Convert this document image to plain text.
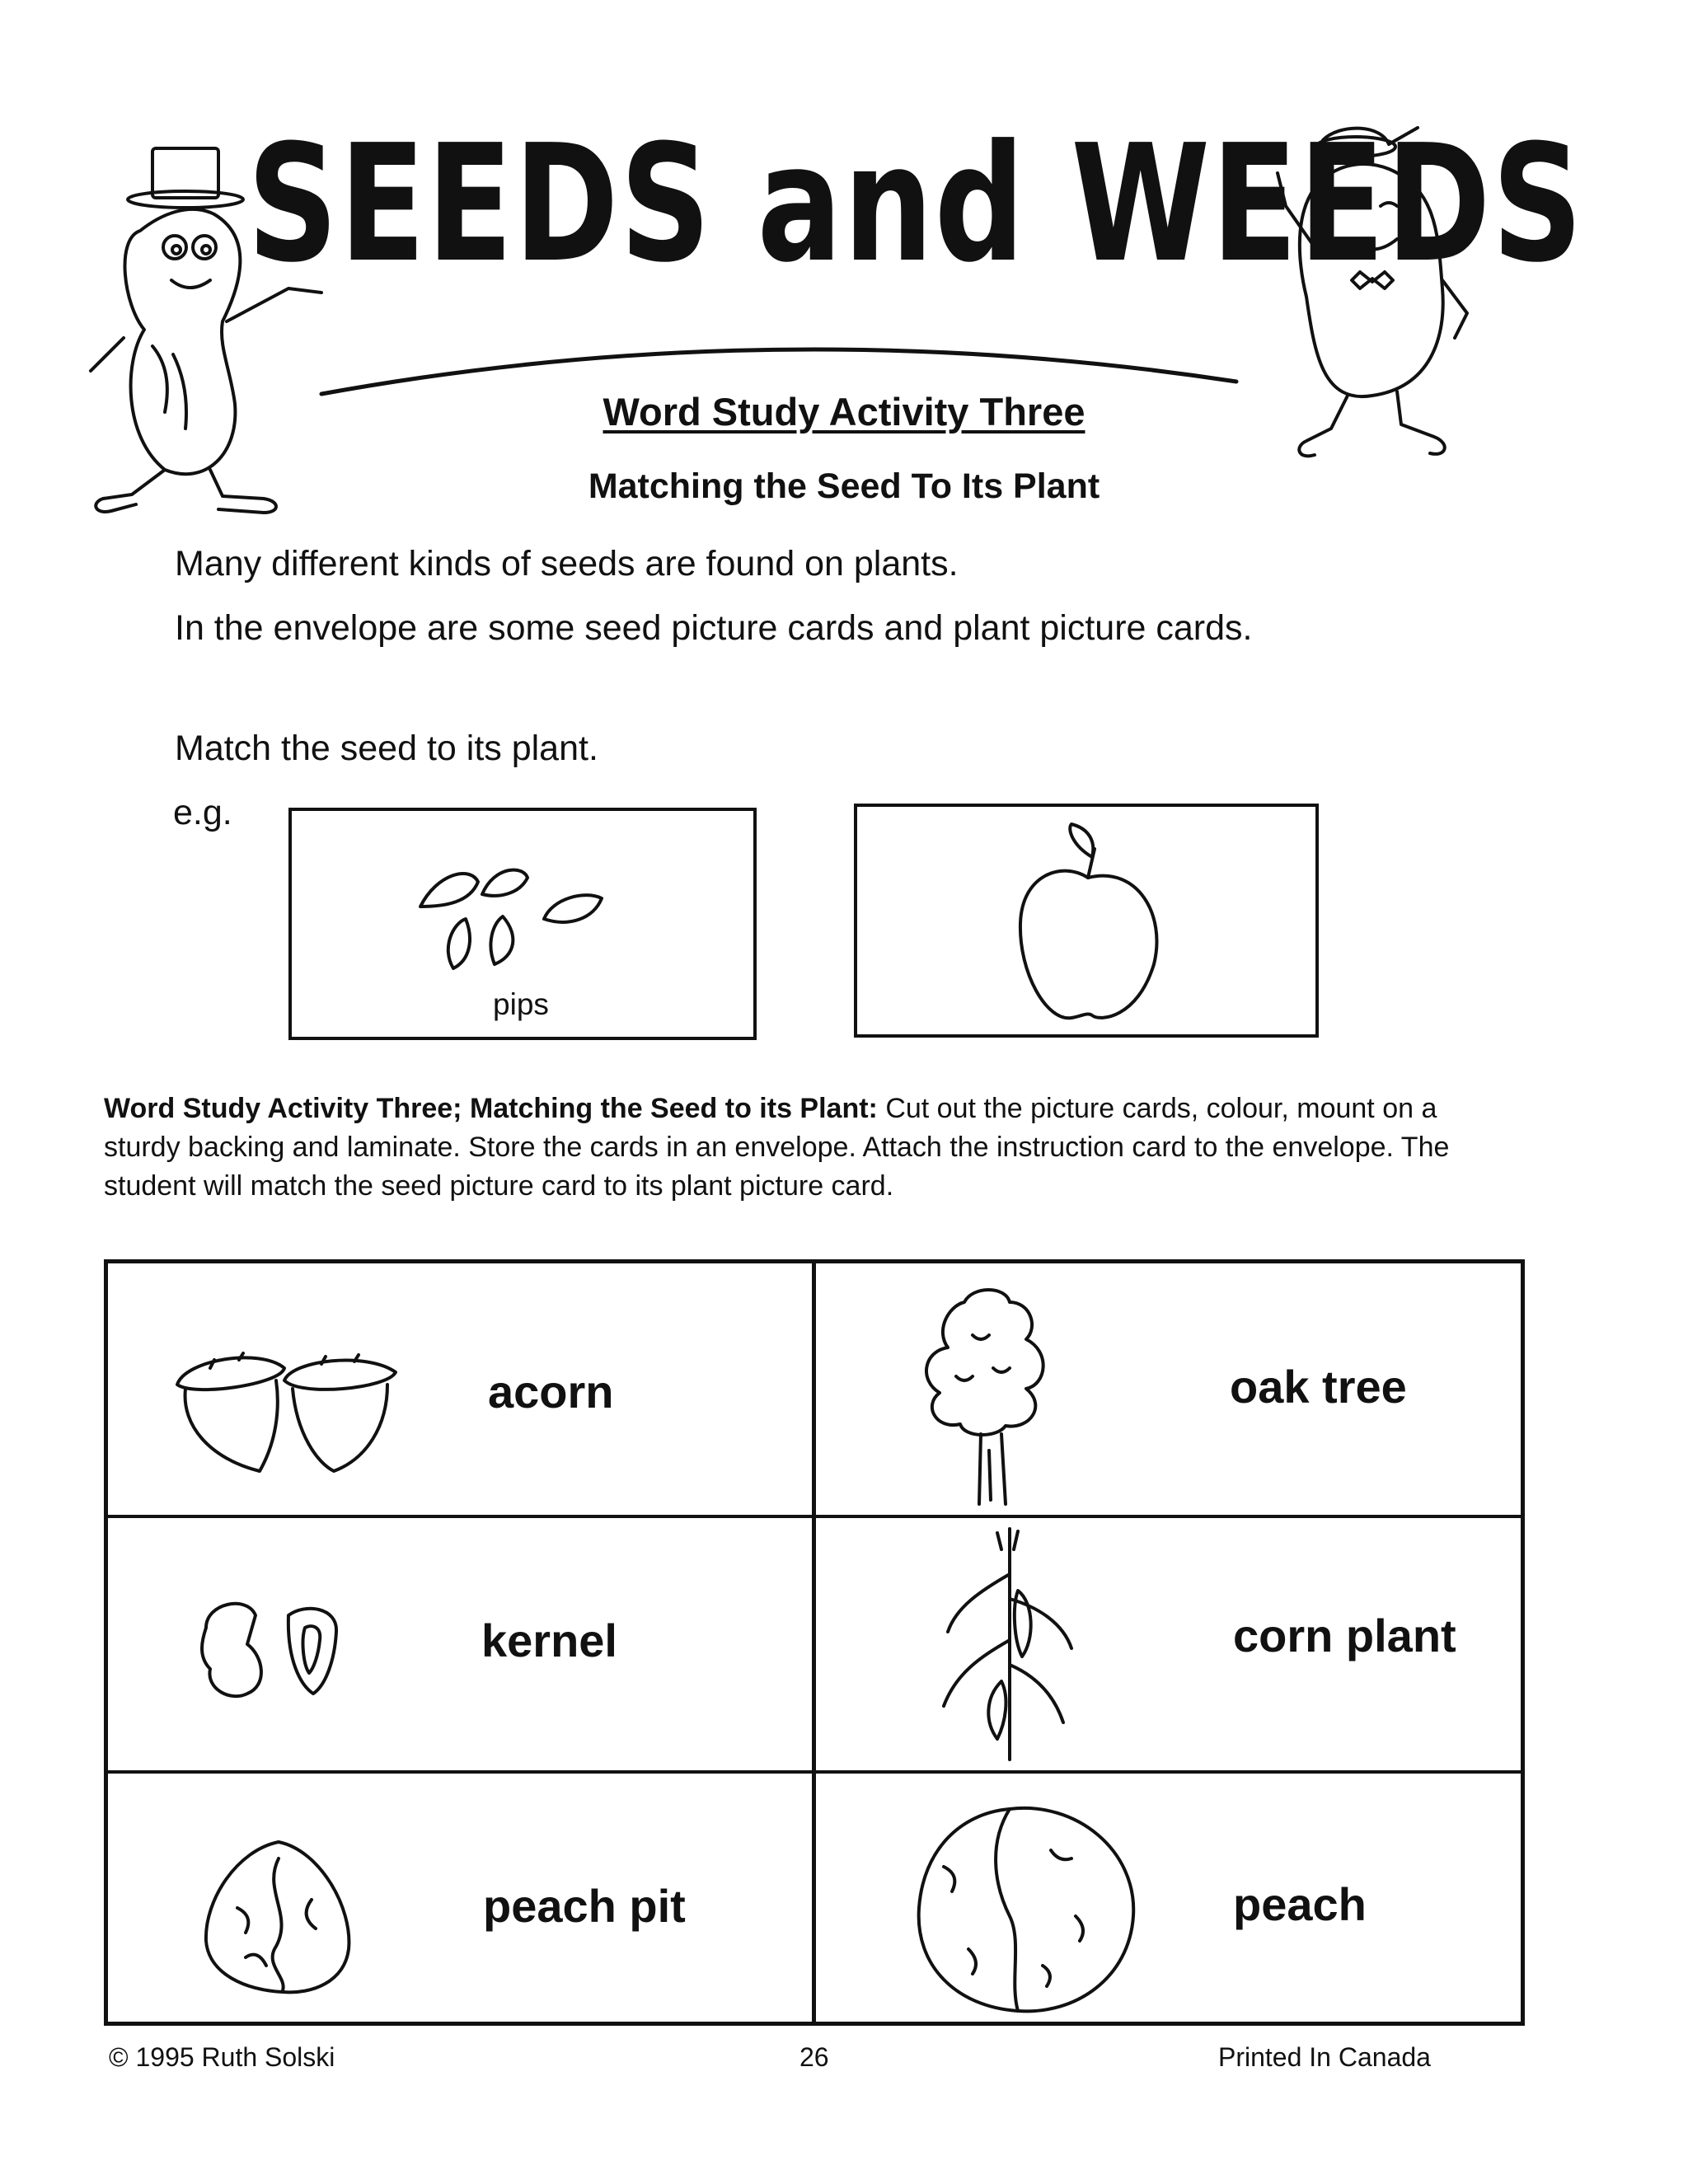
SEEDS and WEEDS
Word Study Activity Three
Matching the Seed To Its Plant
Many different kinds of seeds are found on plants.
In the envelope are some seed picture cards and plant picture cards.
Match the seed to its plant.
e.g.
pips
Word Study Activity Three; Matching the Seed to its Plant: Cut out the picture cards, colour, mount on a sturdy backing and laminate. Store the cards in an envelope. Attach the instruction card to the envelope. The student will match the seed picture card to its plant picture card.
acorn	oak tree
kernel	corn plant
peach pit	peach
© 1995 Ruth Solski	26	Printed In Canada
